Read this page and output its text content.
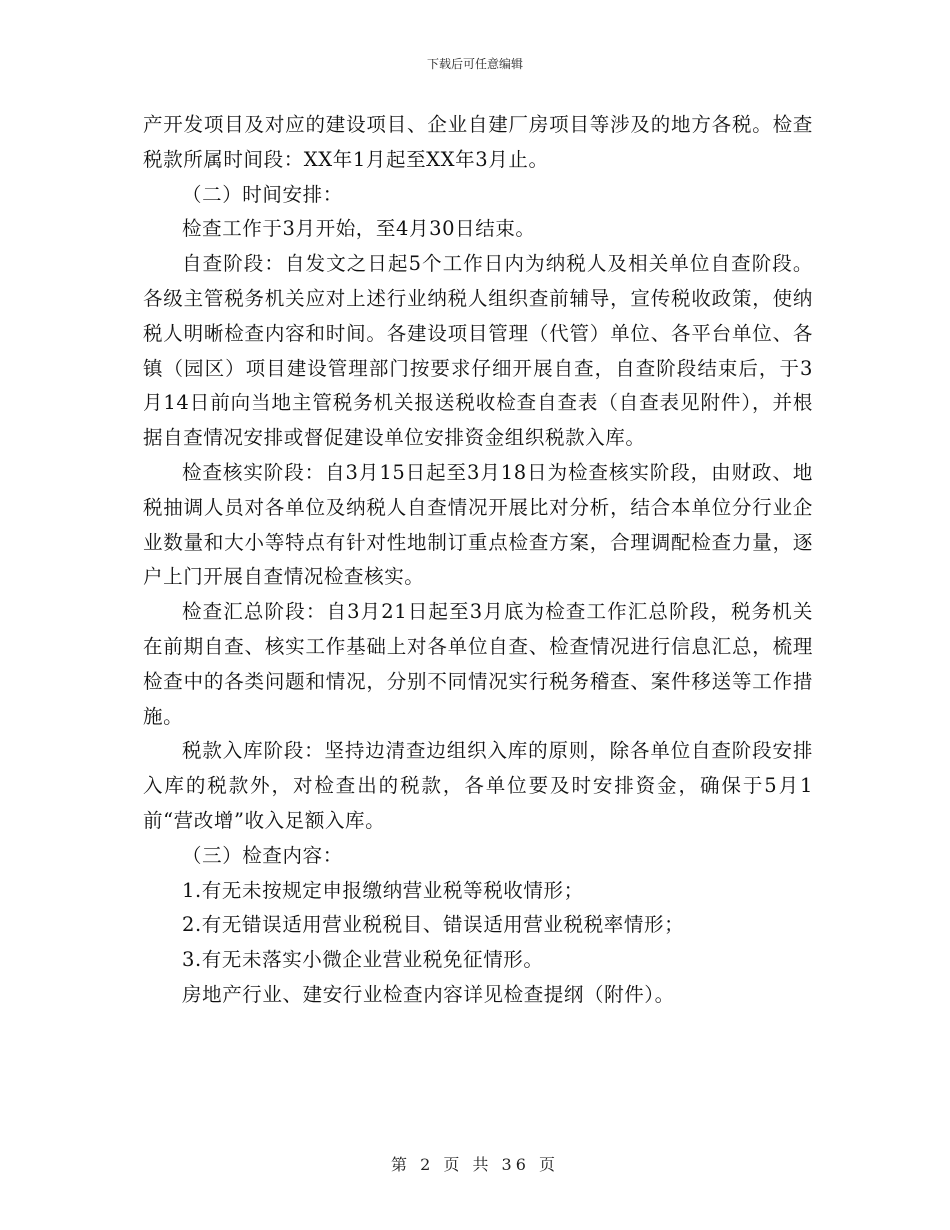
下载后可任意编辑

产开发项目及对应的建设项目、企业自建厂房项目等涉及的地方各税。检查税款所属时间段：XX年1月起至XX年3月止。

（二）时间安排：

检查工作于3月开始，至4月30日结束。

自查阶段：自发文之日起5个工作日内为纳税人及相关单位自查阶段。各级主管税务机关应对上述行业纳税人组织查前辅导，宣传税收政策，使纳税人明晰检查内容和时间。各建设项目管理（代管）单位、各平台单位、各镇（园区）项目建设管理部门按要求仔细开展自查，自查阶段结束后，于3月14日前向当地主管税务机关报送税收检查自查表（自查表见附件），并根据自查情况安排或督促建设单位安排资金组织税款入库。

检查核实阶段：自3月15日起至3月18日为检查核实阶段，由财政、地税抽调人员对各单位及纳税人自查情况开展比对分析，结合本单位分行业企业数量和大小等特点有针对性地制订重点检查方案，合理调配检查力量，逐户上门开展自查情况检查核实。

检查汇总阶段：自3月21日起至3月底为检查工作汇总阶段，税务机关在前期自查、核实工作基础上对各单位自查、检查情况进行信息汇总，梳理检查中的各类问题和情况，分别不同情况实行税务稽查、案件移送等工作措施。

税款入库阶段：坚持边清查边组织入库的原则，除各单位自查阶段安排入库的税款外，对检查出的税款，各单位要及时安排资金，确保于5月1前“营改增”收入足额入库。

（三）检查内容：

1.有无未按规定申报缴纳营业税等税收情形；

2.有无错误适用营业税税目、错误适用营业税税率情形；

3.有无未落实小微企业营业税免征情形。

房地产行业、建安行业检查内容详见检查提纲（附件）。

第 2 页 共 36 页
